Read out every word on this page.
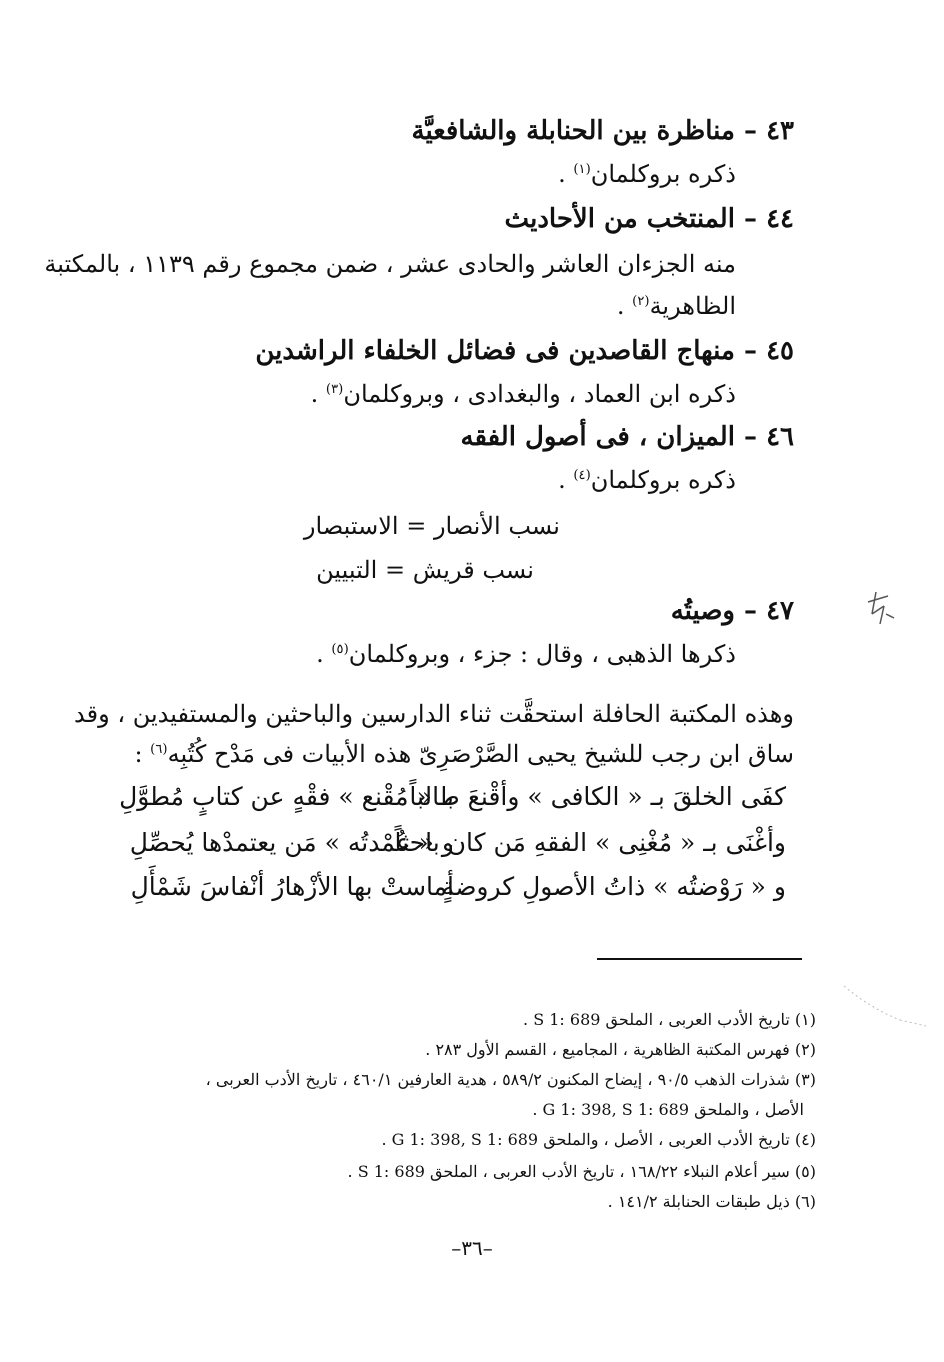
٤٣ – مناظرة بين الحنابلة والشافعيَّة
ذكره بروكلمان$^{(١)}$ .
٤٤ – المنتخب من الأحاديث
منه الجزءان العاشر والحادى عشر ، ضمن مجموع رقم ١١٣٩ ، بالمكتبة
الظاهرية$^{(٢)}$ .
٤٥ – منهاج القاصدين فى فضائل الخلفاء الراشدين
ذكره ابن العماد ، والبغدادى ، وبروكلمان$^{(٣)}$ .
٤٦ – الميزان ، فى أصول الفقه
ذكره بروكلمان$^{(٤)}$ .
نسب الأنصار = الاستبصار
نسب قريش = التبيين
٤٧ – وصيتُه
ذكرها الذهبى ، وقال : جزء ، وبروكلمان$^{(٥)}$ .
وهذه المكتبة الحافلة استحقَّت ثناء الدارسين والباحثين والمستفيدين ، وقد
ساق ابن رجب للشيخ يحيى الصَّرْصَرِىّ هذه الأبيات فى مَدْح كُتُبِه$^{(٦)}$ :
كفَى الخلقَ بـ « الكافى » وأقْنعَ طالباً
بـ « مُقْنع » فقْهٍ عن كتابٍ مُطوَّلِ
وأغْنَى بـ « مُغْنِى » الفقهِ مَن كان باحثاً
و « عُمْدتُه » مَن يعتمدْها يُحصِّلِ
و « رَوْضتُه » ذاتُ الأصولِ كروضةٍ
أماستْ بها الأزْهارُ أنْفاسَ شَمْأَلِ
(١) تاريخ الأدب العربى ، الملحق S 1: 689 .
(٢) فهرس المكتبة الظاهرية ، المجاميع ، القسم الأول ٢٨٣ .
(٣) شذرات الذهب ٩٠/٥ ، إيضاح المكنون ٥٨٩/٢ ، هدية العارفين ٤٦٠/١ ، تاريخ الأدب العربى ،
الأصل ، والملحق G 1: 398, S 1: 689 .
(٤) تاريخ الأدب العربى ، الأصل ، والملحق G 1: 398, S 1: 689 .
(٥) سير أعلام النبلاء ١٦٨/٢٢ ، تاريخ الأدب العربى ، الملحق S 1: 689 .
(٦) ذيل طبقات الحنابلة ١٤١/٢ .
–٣٦–
